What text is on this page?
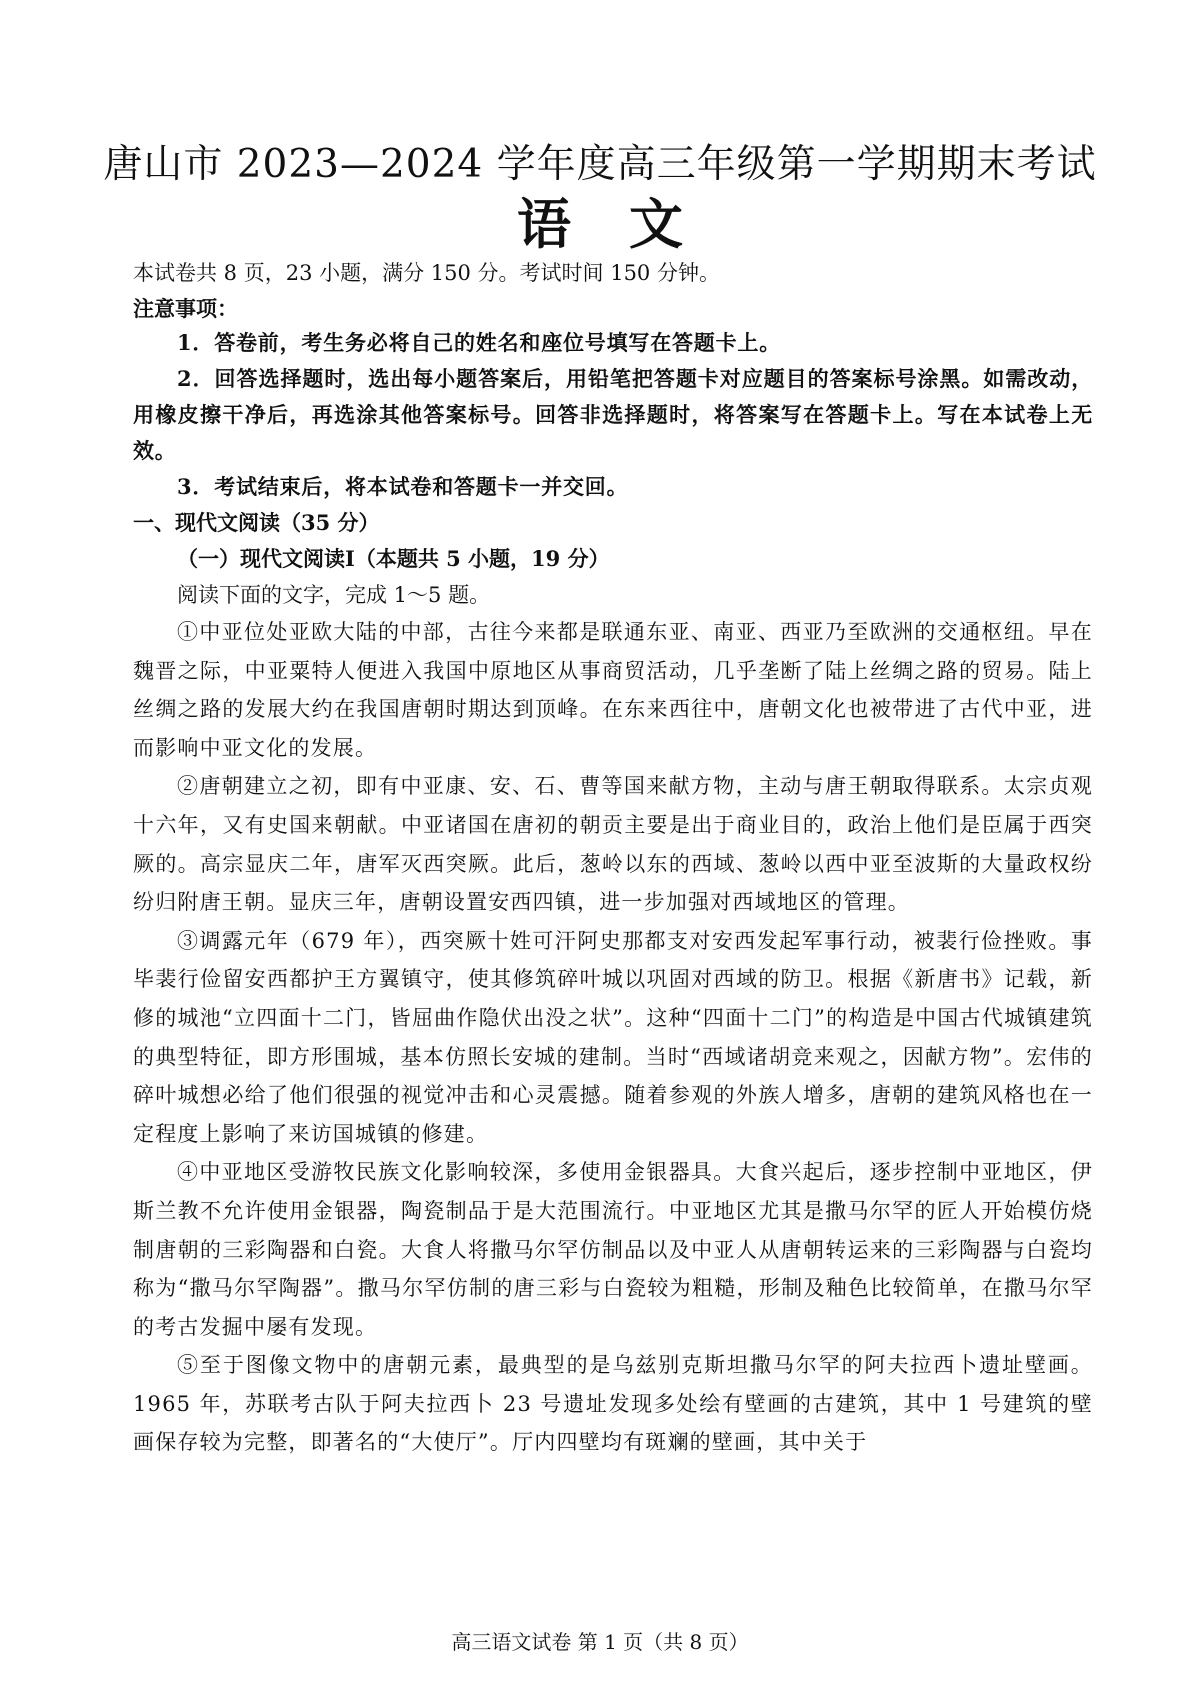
唐山市 2023—2024 学年度高三年级第一学期期末考试
语文

本试卷共 8 页，23 小题，满分 150 分。考试时间 150 分钟。

注意事项：

1．答卷前，考生务必将自己的姓名和座位号填写在答题卡上。

2．回答选择题时，选出每小题答案后，用铅笔把答题卡对应题目的答案标号涂黑。如需改动，用橡皮擦干净后，再选涂其他答案标号。回答非选择题时，将答案写在答题卡上。写在本试卷上无效。

3．考试结束后，将本试卷和答题卡一并交回。

一、现代文阅读（35 分）

（一）现代文阅读Ⅰ（本题共 5 小题，19 分）

阅读下面的文字，完成 1～5 题。

①中亚位处亚欧大陆的中部，古往今来都是联通东亚、南亚、西亚乃至欧洲的交通枢纽。早在魏晋之际，中亚粟特人便进入我国中原地区从事商贸活动，几乎垄断了陆上丝绸之路的贸易。陆上丝绸之路的发展大约在我国唐朝时期达到顶峰。在东来西往中，唐朝文化也被带进了古代中亚，进而影响中亚文化的发展。

②唐朝建立之初，即有中亚康、安、石、曹等国来献方物，主动与唐王朝取得联系。太宗贞观十六年，又有史国来朝献。中亚诸国在唐初的朝贡主要是出于商业目的，政治上他们是臣属于西突厥的。高宗显庆二年，唐军灭西突厥。此后，葱岭以东的西域、葱岭以西中亚至波斯的大量政权纷纷归附唐王朝。显庆三年，唐朝设置安西四镇，进一步加强对西域地区的管理。

③调露元年（679 年），西突厥十姓可汗阿史那都支对安西发起军事行动，被裴行俭挫败。事毕裴行俭留安西都护王方翼镇守，使其修筑碎叶城以巩固对西域的防卫。根据《新唐书》记载，新修的城池“立四面十二门，皆屈曲作隐伏出没之状”。这种“四面十二门”的构造是中国古代城镇建筑的典型特征，即方形围城，基本仿照长安城的建制。当时“西域诸胡竞来观之，因献方物”。宏伟的碎叶城想必给了他们很强的视觉冲击和心灵震撼。随着参观的外族人增多，唐朝的建筑风格也在一定程度上影响了来访国城镇的修建。

④中亚地区受游牧民族文化影响较深，多使用金银器具。大食兴起后，逐步控制中亚地区，伊斯兰教不允许使用金银器，陶瓷制品于是大范围流行。中亚地区尤其是撒马尔罕的匠人开始模仿烧制唐朝的三彩陶器和白瓷。大食人将撒马尔罕仿制品以及中亚人从唐朝转运来的三彩陶器与白瓷均称为“撒马尔罕陶器”。撒马尔罕仿制的唐三彩与白瓷较为粗糙，形制及釉色比较简单，在撒马尔罕的考古发掘中屡有发现。

⑤至于图像文物中的唐朝元素，最典型的是乌兹别克斯坦撒马尔罕的阿夫拉西卜遗址壁画。1965 年，苏联考古队于阿夫拉西卜 23 号遗址发现多处绘有壁画的古建筑，其中 1 号建筑的壁画保存较为完整，即著名的“大使厅”。厅内四壁均有斑斓的壁画，其中关于

高三语文试卷 第 1 页（共 8 页）
